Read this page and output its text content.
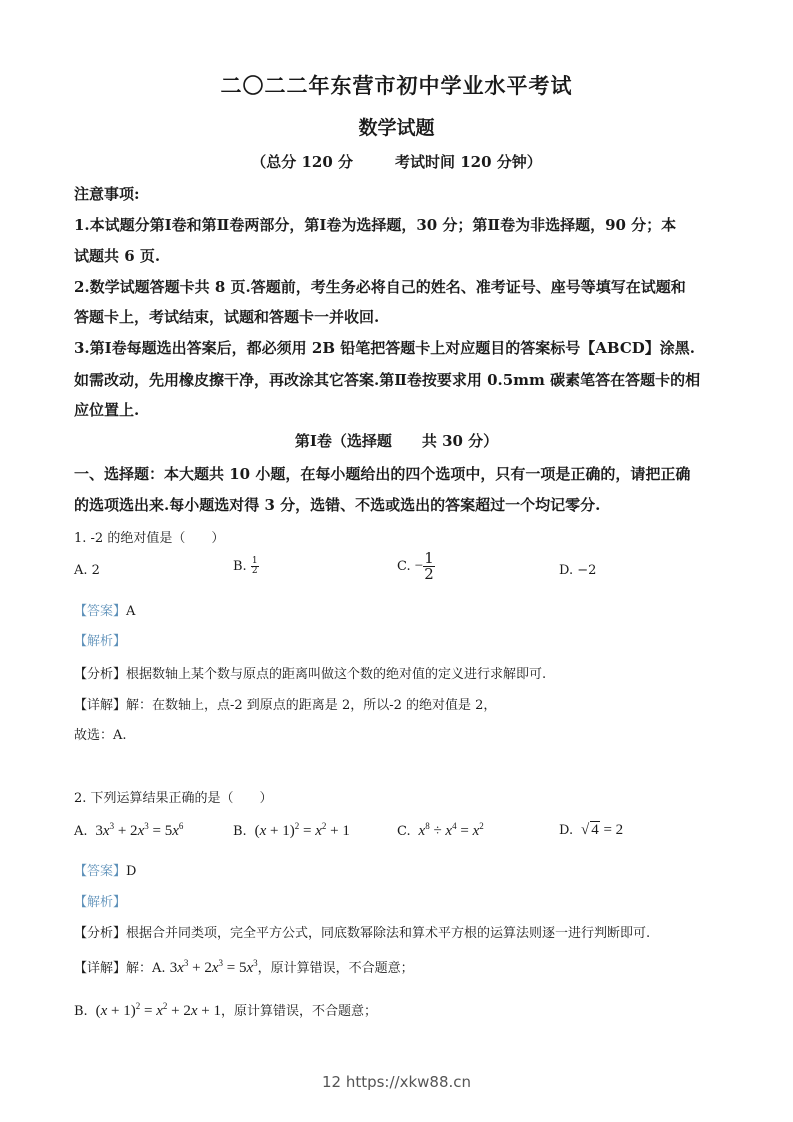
二〇二二年东营市初中学业水平考试
数学试题
（总分 120 分	考试时间 120 分钟）
注意事项:
1.本试题分第Ⅰ卷和第Ⅱ卷两部分，第Ⅰ卷为选择题，30 分；第Ⅱ卷为非选择题，90 分；本
试题共 6 页.
2.数学试题答题卡共 8 页.答题前，考生务必将自己的姓名、准考证号、座号等填写在试题和
答题卡上，考试结束，试题和答题卡一并收回.
3.第Ⅰ卷每题选出答案后，都必须用 2B 铅笔把答题卡上对应题目的答案标号【ABCD】涂黑.
如需改动，先用橡皮擦干净，再改涂其它答案.第Ⅱ卷按要求用 0.5mm 碳素笔答在答题卡的相
应位置上.
第Ⅰ卷（选择题　　共 30 分）
一、选择题：本大题共 10 小题，在每小题给出的四个选项中，只有一项是正确的，请把正确
的选项选出来.每小题选对得 3 分，选错、不选或选出的答案超过一个均记零分.
1. -2 的绝对值是（　　）
A. 2	B. $\frac{1}{2}$	C. − $\frac{1}{2}$	D. −2
【答案】A
【解析】
【分析】根据数轴上某个数与原点的距离叫做这个数的绝对值的定义进行求解即可.
【详解】解：在数轴上，点-2 到原点的距离是 2，所以-2 的绝对值是 2，
故选：A.
2. 下列运算结果正确的是（　　）
A.  $3x^3 + 2x^3 = 5x^6$	B.  $(x + 1)^2 = x^2 + 1$	C. $x^8 \div x^4 = x^2$	D.  √ 4 = 2
【答案】D
【解析】
【分析】根据合并同类项，完全平方公式，同底数幂除法和算术平方根的运算法则逐一进行判断即可.
【详解】解：A. $3x^3 + 2x^3 = 5x^3$，原计算错误，不合题意；
B.  $(x + 1)^2 = x^2 + 2x + 1$，原计算错误，不合题意；
12 https://xkw88.cn
